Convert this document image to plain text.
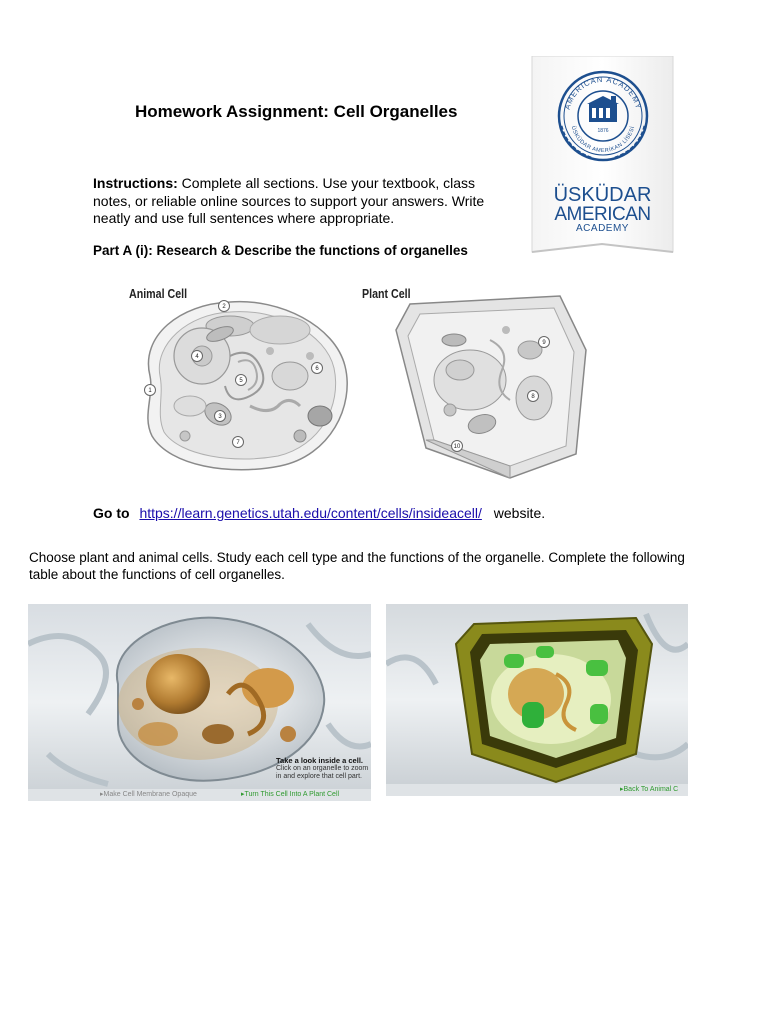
Homework Assignment: Cell Organelles	AMERICAN ACADEMY
ÜSKÜDAR AMERİKAN LİSESİ
1876
ÜSKÜDAR
AMERICAN
ACADEMY
Instructions: Complete all sections. Use your textbook, class notes, or reliable online sources to support your answers. Write neatly and use full sentences where appropriate.
Part A (i): Research & Describe the functions of organelles
Animal Cell
1
2
3
4
5
6
7
Plant Cell
8
9
10
Go to https://learn.genetics.utah.edu/content/cells/insideacell/ website.
Choose plant and animal cells. Study each cell type and the functions of the organelle. Complete the following table about the functions of cell organelles.
Take a look inside a cell.
Click on an organelle to zoom
in and explore that cell part.
▸Make Cell Membrane Opaque	▸Turn This Cell Into A Plant Cell
▸Back To Animal C
